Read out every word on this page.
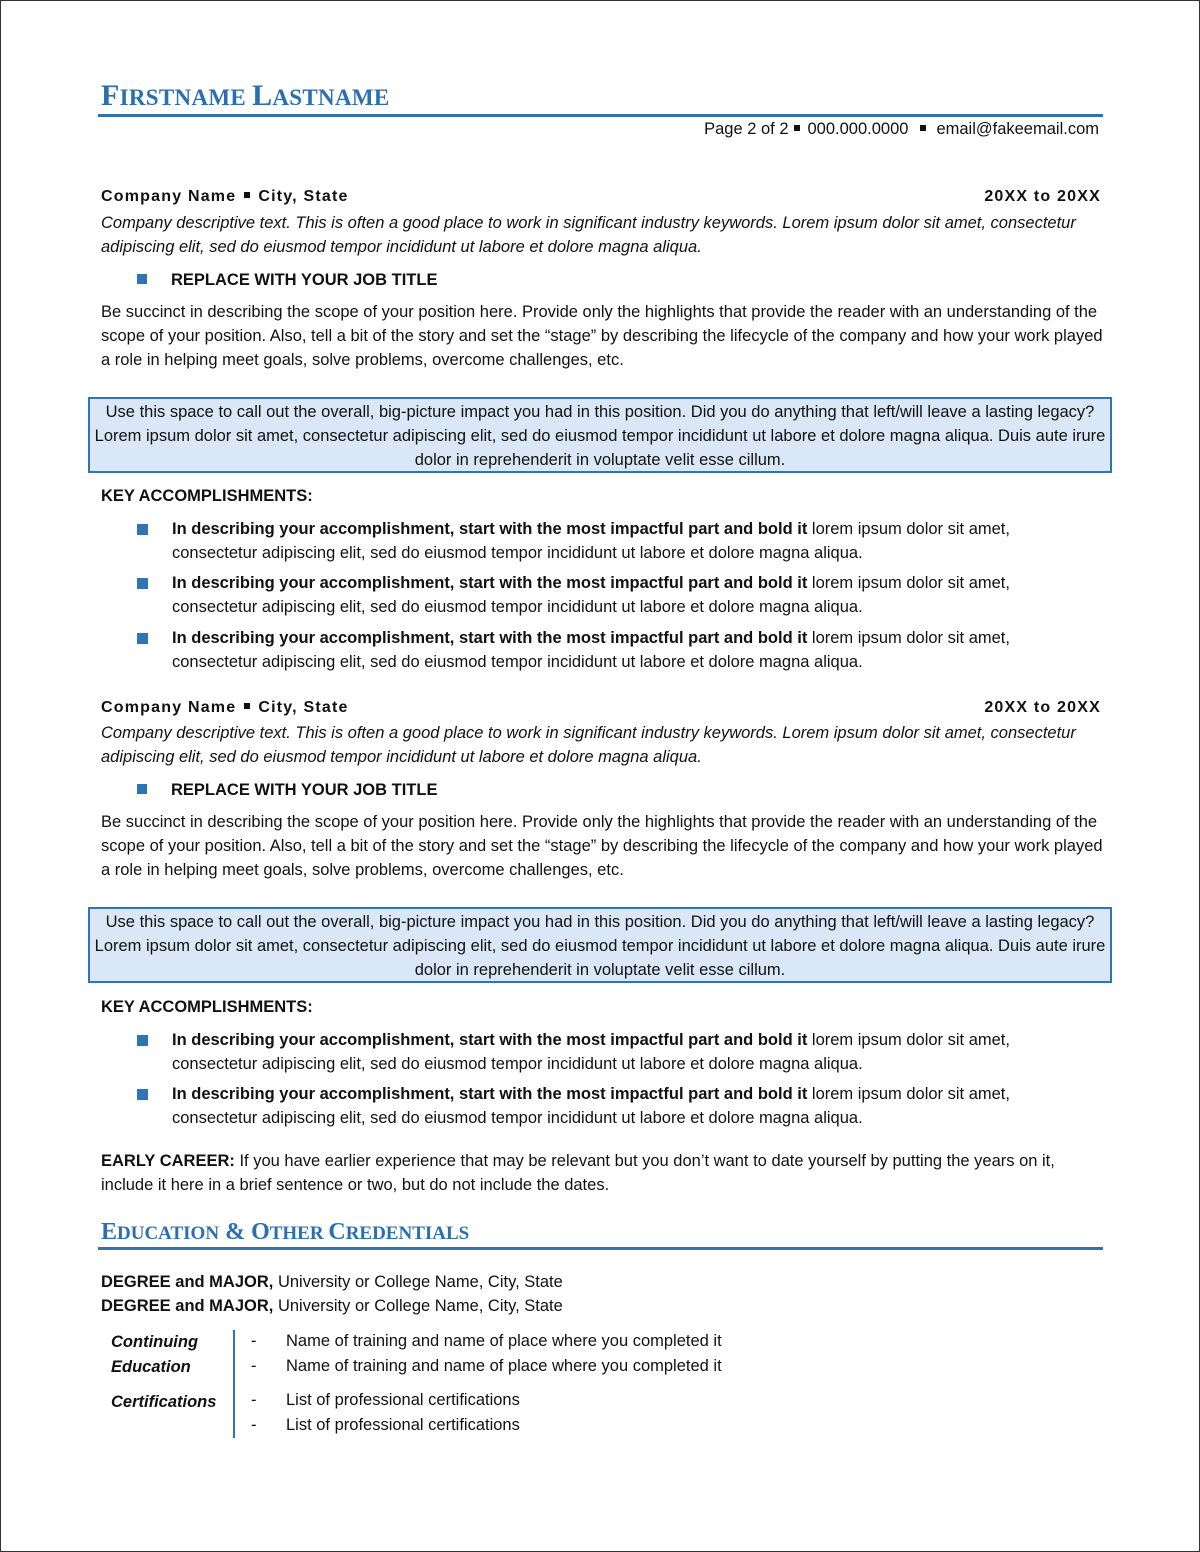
FIRSTNAME LASTNAME
Page 2 of 2 000.000.0000 email@fakeemail.com
Company Name City, State	20XX to 20XX
Company descriptive text. This is often a good place to work in significant industry keywords. Lorem ipsum dolor sit amet, consectetur adipiscing elit, sed do eiusmod tempor incididunt ut labore et dolore magna aliqua.
REPLACE WITH YOUR JOB TITLE
Be succinct in describing the scope of your position here. Provide only the highlights that provide the reader with an understanding of the scope of your position. Also, tell a bit of the story and set the “stage” by describing the lifecycle of the company and how your work played a role in helping meet goals, solve problems, overcome challenges, etc.
Use this space to call out the overall, big-picture impact you had in this position. Did you do anything that left/will leave a lasting legacy? Lorem ipsum dolor sit amet, consectetur adipiscing elit, sed do eiusmod tempor incididunt ut labore et dolore magna aliqua. Duis aute irure dolor in reprehenderit in voluptate velit esse cillum.
KEY ACCOMPLISHMENTS:
In describing your accomplishment, start with the most impactful part and bold it lorem ipsum dolor sit amet, consectetur adipiscing elit, sed do eiusmod tempor incididunt ut labore et dolore magna aliqua.
In describing your accomplishment, start with the most impactful part and bold it lorem ipsum dolor sit amet, consectetur adipiscing elit, sed do eiusmod tempor incididunt ut labore et dolore magna aliqua.
In describing your accomplishment, start with the most impactful part and bold it lorem ipsum dolor sit amet, consectetur adipiscing elit, sed do eiusmod tempor incididunt ut labore et dolore magna aliqua.
Company Name City, State	20XX to 20XX
Company descriptive text. This is often a good place to work in significant industry keywords. Lorem ipsum dolor sit amet, consectetur adipiscing elit, sed do eiusmod tempor incididunt ut labore et dolore magna aliqua.
REPLACE WITH YOUR JOB TITLE
Be succinct in describing the scope of your position here. Provide only the highlights that provide the reader with an understanding of the scope of your position. Also, tell a bit of the story and set the “stage” by describing the lifecycle of the company and how your work played a role in helping meet goals, solve problems, overcome challenges, etc.
Use this space to call out the overall, big-picture impact you had in this position. Did you do anything that left/will leave a lasting legacy? Lorem ipsum dolor sit amet, consectetur adipiscing elit, sed do eiusmod tempor incididunt ut labore et dolore magna aliqua. Duis aute irure dolor in reprehenderit in voluptate velit esse cillum.
KEY ACCOMPLISHMENTS:
In describing your accomplishment, start with the most impactful part and bold it lorem ipsum dolor sit amet, consectetur adipiscing elit, sed do eiusmod tempor incididunt ut labore et dolore magna aliqua.
In describing your accomplishment, start with the most impactful part and bold it lorem ipsum dolor sit amet, consectetur adipiscing elit, sed do eiusmod tempor incididunt ut labore et dolore magna aliqua.
EARLY CAREER: If you have earlier experience that may be relevant but you don’t want to date yourself by putting the years on it, include it here in a brief sentence or two, but do not include the dates.
EDUCATION & OTHER CREDENTIALS
DEGREE and MAJOR, University or College Name, City, State
DEGREE and MAJOR, University or College Name, City, State
Continuing
Education
Certifications
- Name of training and name of place where you completed it
- Name of training and name of place where you completed it
- List of professional certifications
- List of professional certifications
